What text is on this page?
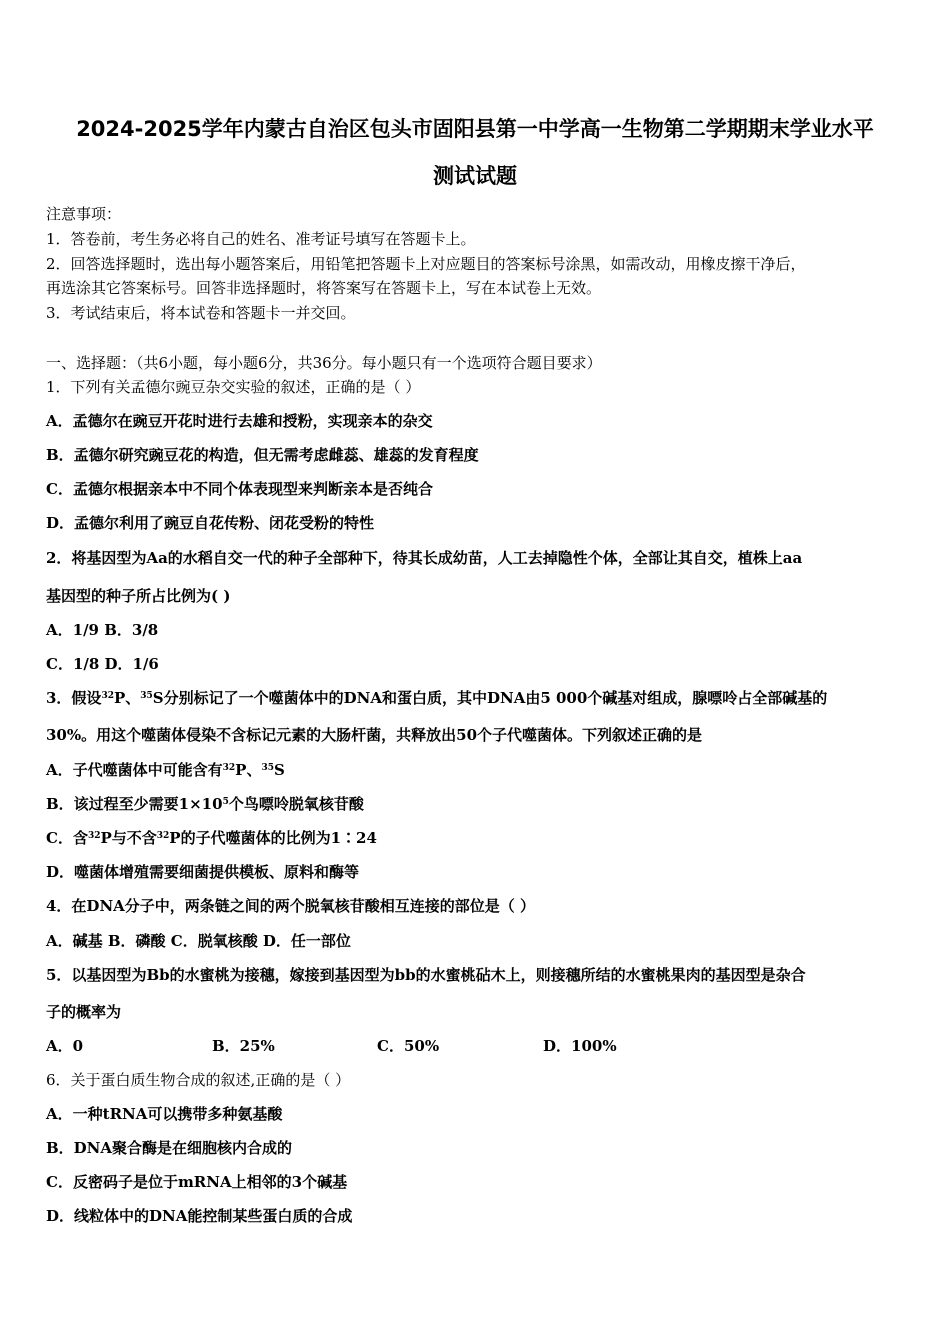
2024-2025学年内蒙古自治区包头市固阳县第一中学高一生物第二学期期末学业水平
测试试题
注意事项：
1．答卷前，考生务必将自己的姓名、准考证号填写在答题卡上。
2．回答选择题时，选出每小题答案后，用铅笔把答题卡上对应题目的答案标号涂黑，如需改动，用橡皮擦干净后，
再选涂其它答案标号。回答非选择题时，将答案写在答题卡上，写在本试卷上无效。
3．考试结束后，将本试卷和答题卡一并交回。
一、选择题：（共6小题，每小题6分，共36分。每小题只有一个选项符合题目要求）
1．下列有关孟德尔豌豆杂交实验的叙述，正确的是（ ）
A．孟德尔在豌豆开花时进行去雄和授粉，实现亲本的杂交
B．孟德尔研究豌豆花的构造，但无需考虑雌蕊、雄蕊的发育程度
C．孟德尔根据亲本中不同个体表现型来判断亲本是否纯合
D．孟德尔利用了豌豆自花传粉、闭花受粉的特性
2．将基因型为Aa的水稻自交一代的种子全部种下，待其长成幼苗，人工去掉隐性个体，全部让其自交，植株上aa
基因型的种子所占比例为( )
A．1/9 B．3/8
C．1/8 D．1/6
3．假设$^{32}$P、$^{35}$S分别标记了一个噬菌体中的DNA和蛋白质，其中DNA由5 000个碱基对组成，腺嘌呤占全部碱基的
30%。用这个噬菌体侵染不含标记元素的大肠杆菌，共释放出50个子代噬菌体。下列叙述正确的是
A．子代噬菌体中可能含有$^{32}$P、$^{35}$S
B．该过程至少需要$1\times 10^5$个鸟嘌呤脱氧核苷酸
C．含$^{32}$P与不含$^{32}$P的子代噬菌体的比例为1∶24
D．噬菌体增殖需要细菌提供模板、原料和酶等
4．在DNA分子中，两条链之间的两个脱氧核苷酸相互连接的部位是（ ）
A．碱基 B．磷酸 C．脱氧核酸 D．任一部位
5．以基因型为Bb的水蜜桃为接穗，嫁接到基因型为bb的水蜜桃砧木上，则接穗所结的水蜜桃果肉的基因型是杂合
子的概率为
A．0	B．25%	C．50%	D．100%
6．关于蛋白质生物合成的叙述,正确的是（ ）
A．一种tRNA可以携带多种氨基酸
B．DNA聚合酶是在细胞核内合成的
C．反密码子是位于mRNA上相邻的3个碱基
D．线粒体中的DNA能控制某些蛋白质的合成
